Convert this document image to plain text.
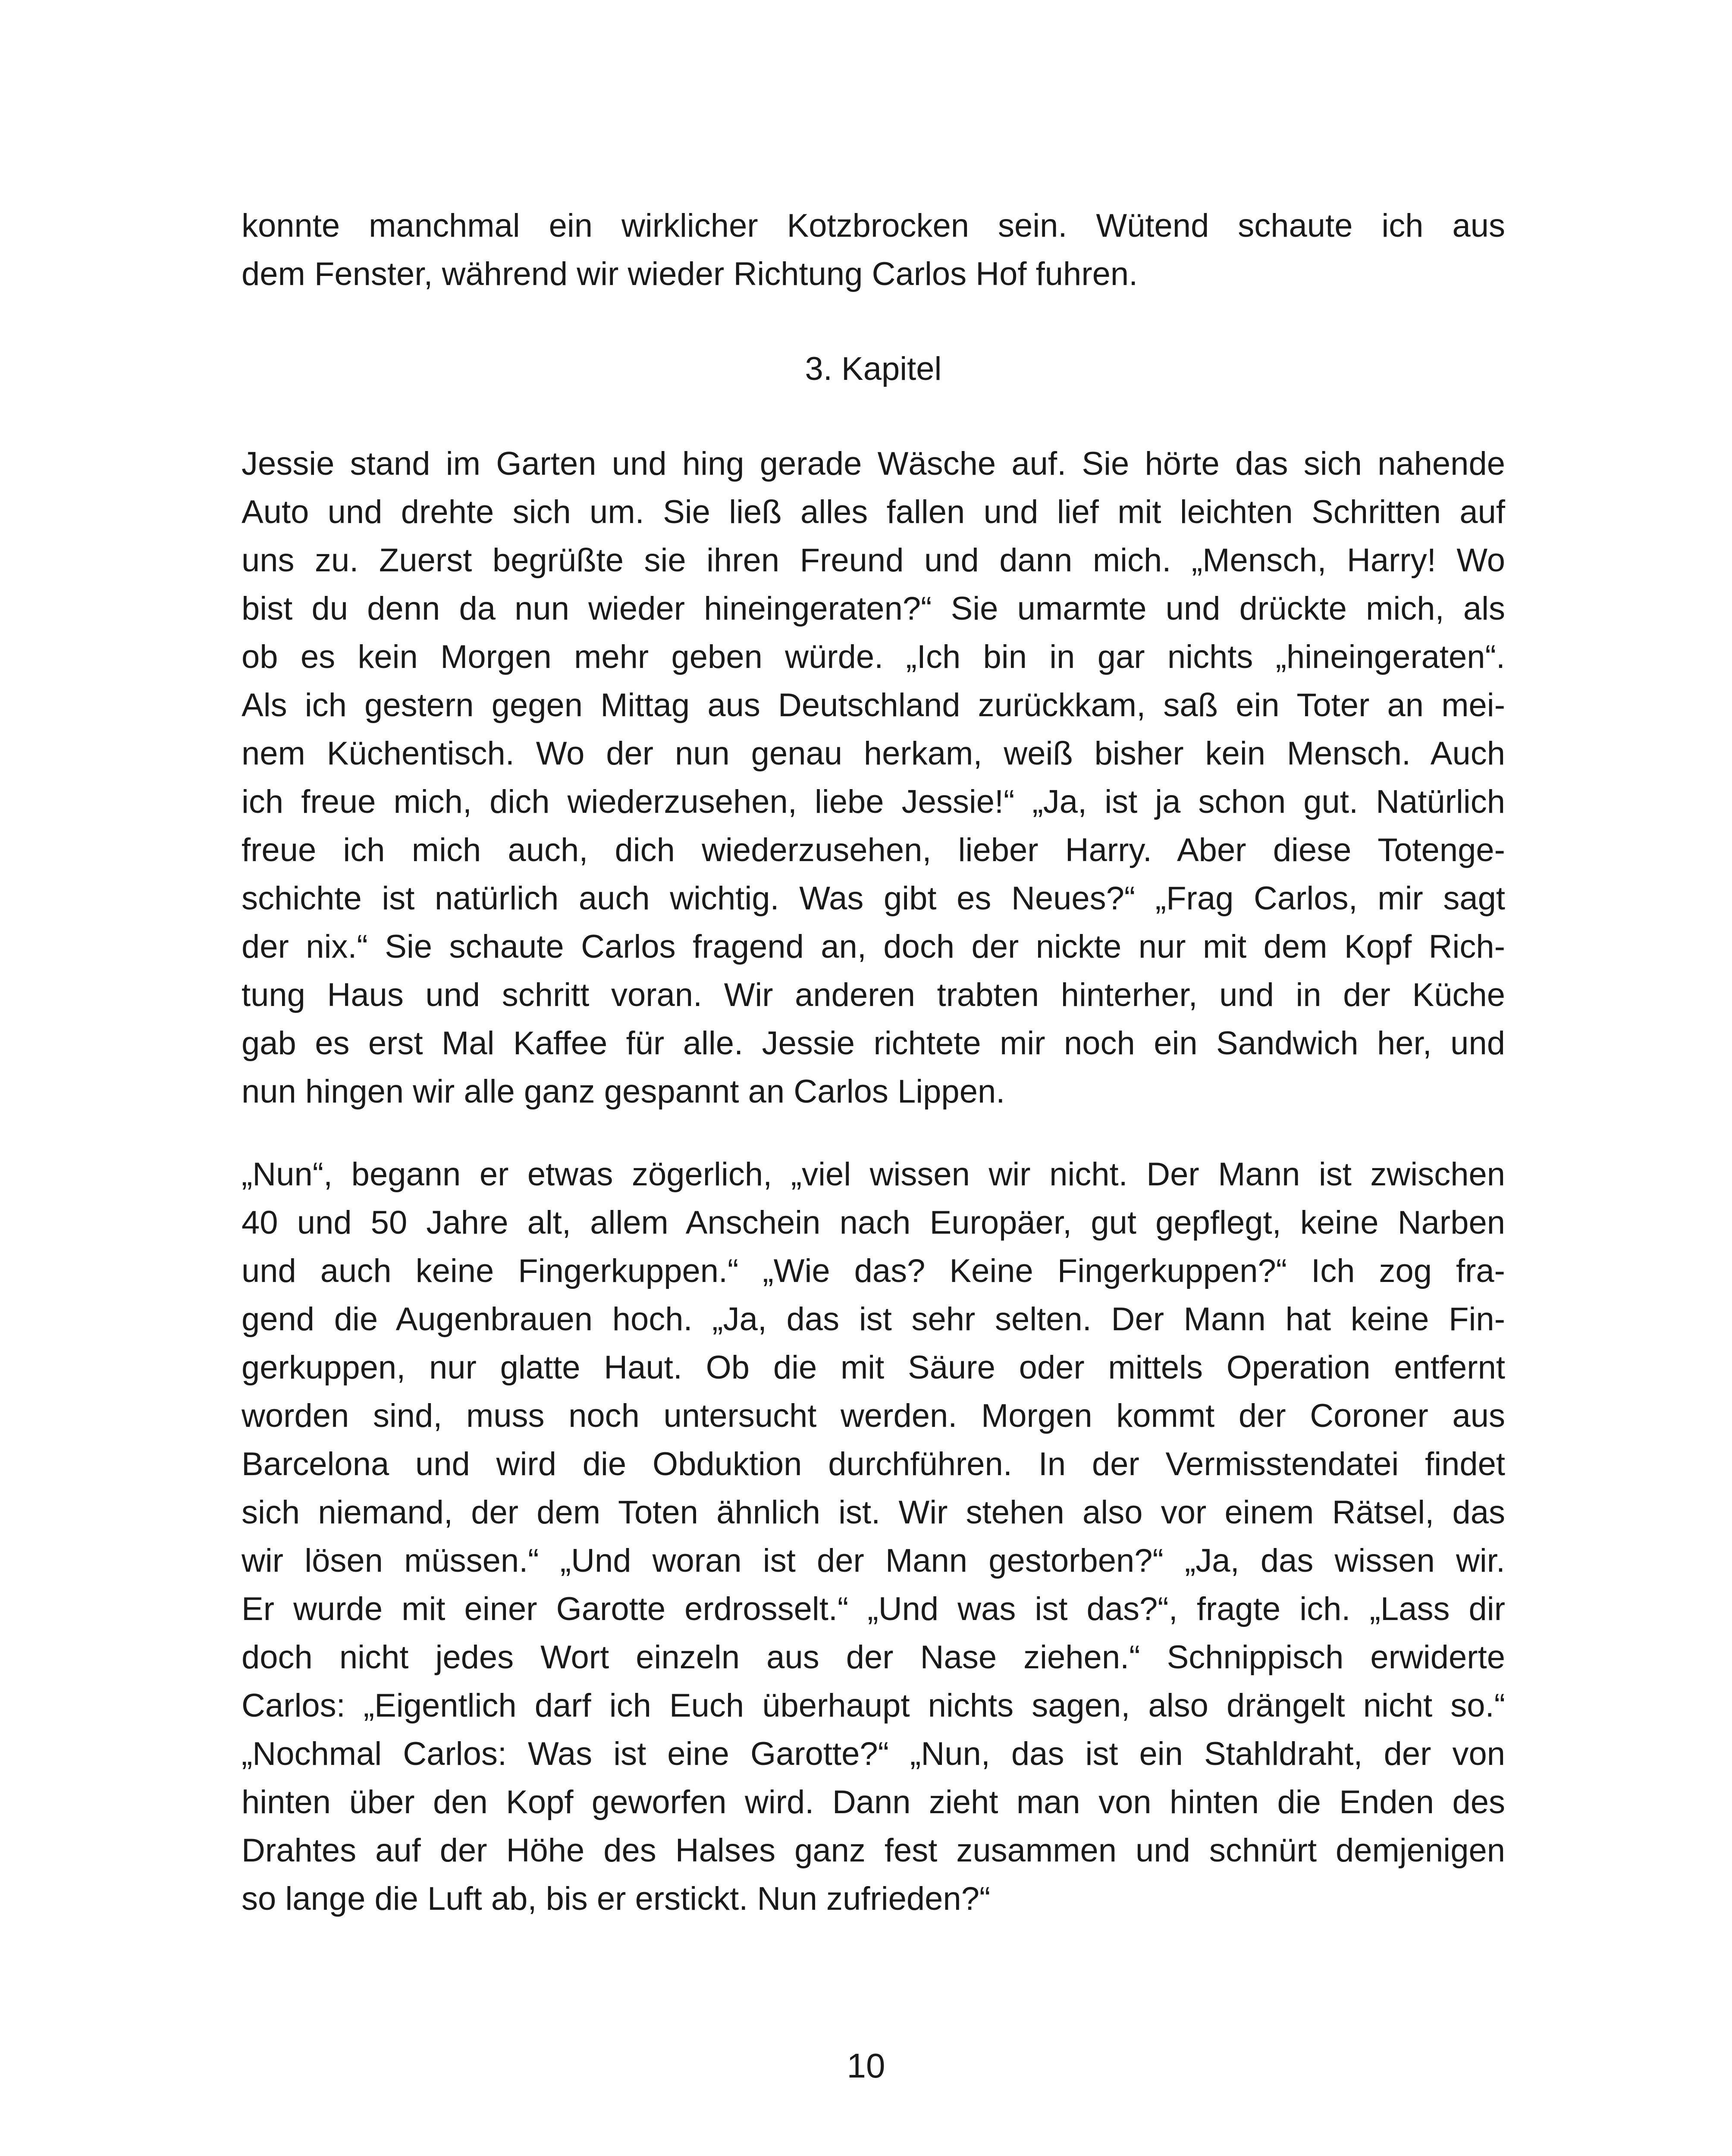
konnte manchmal ein wirklicher Kotzbrocken sein. Wütend schaute ich aus
dem Fenster, während wir wieder Richtung Carlos Hof fuhren.
3. Kapitel
Jessie stand im Garten und hing gerade Wäsche auf. Sie hörte das sich nahende
Auto und drehte sich um. Sie ließ alles fallen und lief mit leichten Schritten auf
uns zu. Zuerst begrüßte sie ihren Freund und dann mich. „Mensch, Harry! Wo
bist du denn da nun wieder hineingeraten?“ Sie umarmte und drückte mich, als
ob es kein Morgen mehr geben würde. „Ich bin in gar nichts „hineingeraten“.
Als ich gestern gegen Mittag aus Deutschland zurückkam, saß ein Toter an mei-
nem Küchentisch. Wo der nun genau herkam, weiß bisher kein Mensch. Auch
ich freue mich, dich wiederzusehen, liebe Jessie!“ „Ja, ist ja schon gut. Natürlich
freue ich mich auch, dich wiederzusehen, lieber Harry. Aber diese Totenge-
schichte ist natürlich auch wichtig. Was gibt es Neues?“ „Frag Carlos, mir sagt
der nix.“ Sie schaute Carlos fragend an, doch der nickte nur mit dem Kopf Rich-
tung Haus und schritt voran. Wir anderen trabten hinterher, und in der Küche
gab es erst Mal Kaffee für alle. Jessie richtete mir noch ein Sandwich her, und
nun hingen wir alle ganz gespannt an Carlos Lippen.
„Nun“, begann er etwas zögerlich, „viel wissen wir nicht. Der Mann ist zwischen
40 und 50 Jahre alt, allem Anschein nach Europäer, gut gepflegt, keine Narben
und auch keine Fingerkuppen.“ „Wie das? Keine Fingerkuppen?“ Ich zog fra-
gend die Augenbrauen hoch. „Ja, das ist sehr selten. Der Mann hat keine Fin-
gerkuppen, nur glatte Haut. Ob die mit Säure oder mittels Operation entfernt
worden sind, muss noch untersucht werden. Morgen kommt der Coroner aus
Barcelona und wird die Obduktion durchführen. In der Vermisstendatei findet
sich niemand, der dem Toten ähnlich ist. Wir stehen also vor einem Rätsel, das
wir lösen müssen.“ „Und woran ist der Mann gestorben?“ „Ja, das wissen wir.
Er wurde mit einer Garotte erdrosselt.“ „Und was ist das?“, fragte ich. „Lass dir
doch nicht jedes Wort einzeln aus der Nase ziehen.“ Schnippisch erwiderte
Carlos: „Eigentlich darf ich Euch überhaupt nichts sagen, also drängelt nicht so.“
„Nochmal Carlos: Was ist eine Garotte?“ „Nun, das ist ein Stahldraht, der von
hinten über den Kopf geworfen wird. Dann zieht man von hinten die Enden des
Drahtes auf der Höhe des Halses ganz fest zusammen und schnürt demjenigen
so lange die Luft ab, bis er erstickt. Nun zufrieden?“
10
